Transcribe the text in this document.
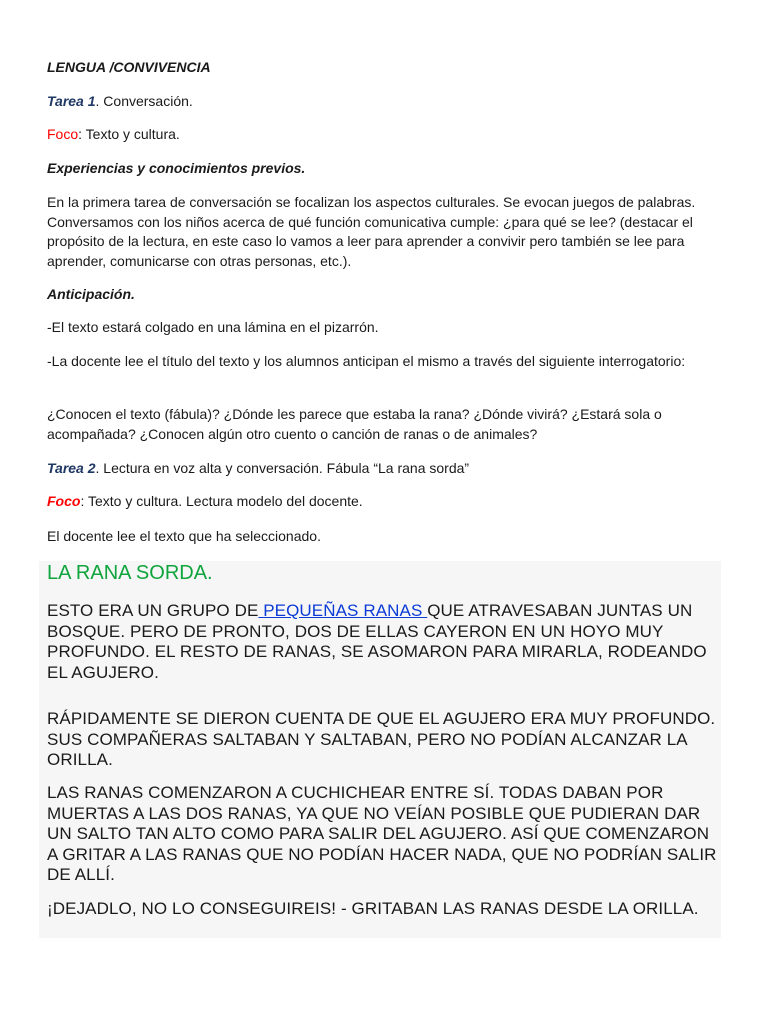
LENGUA /CONVIVENCIA

Tarea 1. Conversación.

Foco: Texto y cultura.

Experiencias y conocimientos previos.

En la primera tarea de conversación se focalizan los aspectos culturales. Se evocan juegos de palabras. Conversamos con los niños acerca de qué función comunicativa cumple: ¿para qué se lee? (destacar el propósito de la lectura, en este caso lo vamos a leer para aprender a convivir pero también se lee para aprender, comunicarse con otras personas, etc.).

Anticipación.

-El texto estará colgado en una lámina en el pizarrón.

-La docente lee el título del texto y los alumnos anticipan el mismo a través del siguiente interrogatorio:

¿Conocen el texto (fábula)? ¿Dónde les parece que estaba la rana? ¿Dónde vivirá? ¿Estará sola o acompañada? ¿Conocen algún otro cuento o canción de ranas o de animales?

Tarea 2. Lectura en voz alta y conversación. Fábula “La rana sorda”

Foco: Texto y cultura. Lectura modelo del docente.

El docente lee el texto que ha seleccionado.

LA RANA SORDA.

ESTO ERA UN GRUPO DE PEQUEÑAS RANAS QUE ATRAVESABAN JUNTAS UN BOSQUE. PERO DE PRONTO, DOS DE ELLAS CAYERON EN UN HOYO MUY PROFUNDO. EL RESTO DE RANAS, SE ASOMARON PARA MIRARLA, RODEANDO EL AGUJERO.

RÁPIDAMENTE SE DIERON CUENTA DE QUE EL AGUJERO ERA MUY PROFUNDO. SUS COMPAÑERAS SALTABAN Y SALTABAN, PERO NO PODÍAN ALCANZAR LA ORILLA.

LAS RANAS COMENZARON A CUCHICHEAR ENTRE SÍ. TODAS DABAN POR MUERTAS A LAS DOS RANAS, YA QUE NO VEÍAN POSIBLE QUE PUDIERAN DAR UN SALTO TAN ALTO COMO PARA SALIR DEL AGUJERO. ASÍ QUE COMENZARON A GRITAR A LAS RANAS QUE NO PODÍAN HACER NADA, QUE NO PODRÍAN SALIR DE ALLÍ.

¡DEJADLO, NO LO CONSEGUIREIS! - GRITABAN LAS RANAS DESDE LA ORILLA.
